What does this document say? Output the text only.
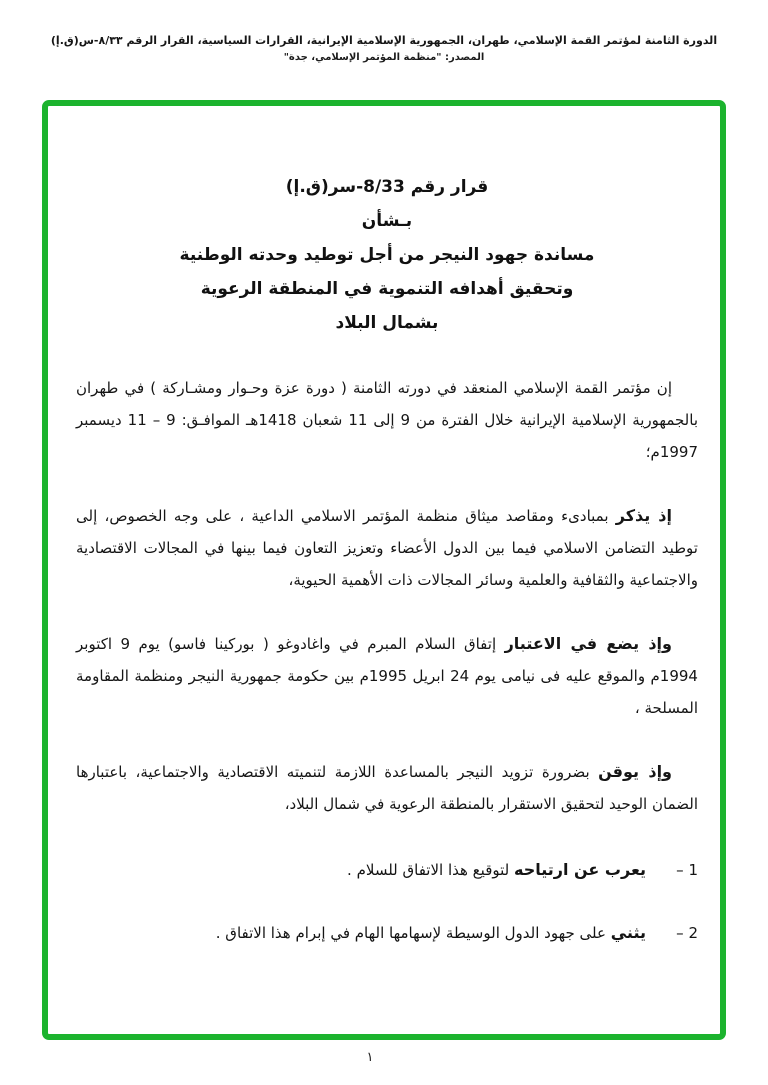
الدورة الثامنة لمؤتمر القمة الإسلامي، طهران، الجمهورية الإسلامية الإيرانية، القرارات السياسية، القرار الرقم ٨/٣٣-س(ق.إ)
المصدر: "منظمة المؤتمر الإسلامي، جدة"
قرار رقم 8/33-سر(ق.إ)
بـشأن
مساندة جهود النيجر من أجل توطيد وحدته الوطنية
وتحقيق أهدافه التنموية في المنطقة الرعوية
بشمال البلاد
إن مؤتمر القمة الإسلامي المنعقد في دورته الثامنة ( دورة عزة وحـوار ومشـاركة ) في طهران بالجمهورية الإسلامية الإيرانية خلال الفترة من 9 إلى 11 شعبان 1418هـ الموافـق: 9 – 11 ديسمبر 1997م؛
إذ يذكر بمبادىء ومقاصد ميثاق منظمة المؤتمر الاسلامي الداعية ، على وجه الخصوص، إلى توطيد التضامن الاسلامي فيما بين الدول الأعضاء وتعزيز التعاون فيما بينها في المجالات الاقتصادية والاجتماعية والثقافية والعلمية وسائر المجالات ذات الأهمية الحيوية،
وإذ يضع في الاعتبار إتفاق السلام المبرم في واغادوغو ( بوركينا فاسو) يوم 9 اكتوبر 1994م والموقع عليه فى نيامى يوم 24 ابريل 1995م بين حكومة جمهورية النيجر ومنظمة المقاومة المسلحة ،
وإذ يوقن بضرورة تزويد النيجر بالمساعدة اللازمة لتنميته الاقتصادية والاجتماعية، باعتبارها الضمان الوحيد لتحقيق الاستقرار بالمنطقة الرعوية في شمال البلاد،
1 –
يعرب عن ارتياحه لتوقيع هذا الاتفاق للسلام .
2 –
يثني على جهود الدول الوسيطة لإسهامها الهام في إبرام هذا الاتفاق .
١
